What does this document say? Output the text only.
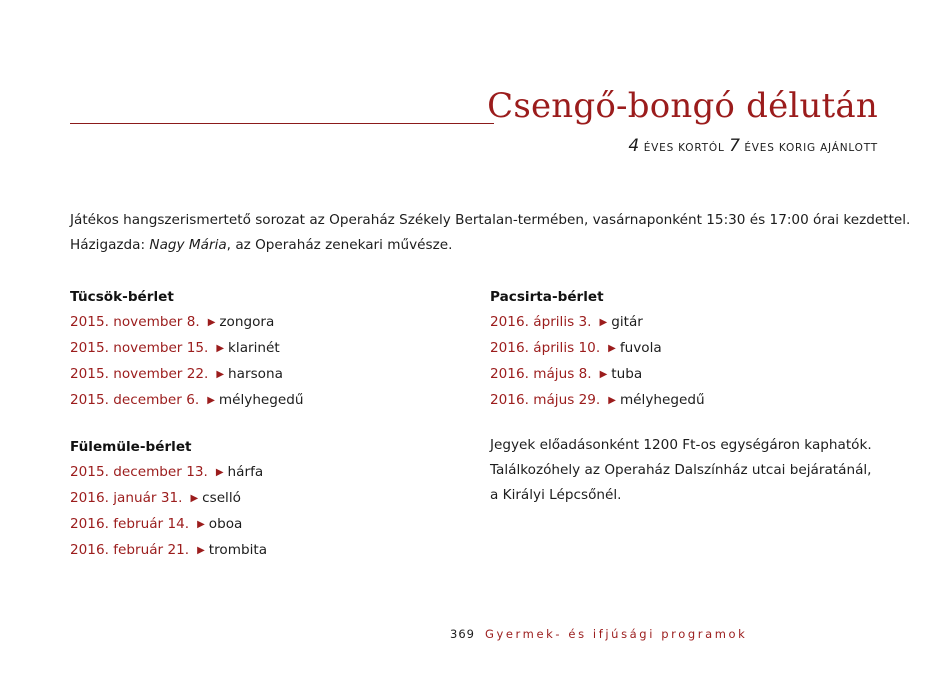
Csengő-bongó délután
4 ÉVES KORTÓL 7 ÉVES KORIG AJÁNLOTT

Játékos hangszerismertető sorozat az Operaház Székely Bertalan-termében, vasárnaponként 15:30 és 17:00 órai kezdettel.

Házigazda: Nagy Mária, az Operaház zenekari művésze.

Tücsök-bérlet
2015. november 8. ▶ zongora
2015. november 15. ▶ klarinét
2015. november 22. ▶ harsona
2015. december 6. ▶ mélyhegedű
Fülemüle-bérlet
2015. december 13. ▶ hárfa
2016. január 31. ▶ cselló
2016. február 14. ▶ oboa
2016. február 21. ▶ trombita
Pacsirta-bérlet
2016. április 3. ▶ gitár
2016. április 10. ▶ fuvola
2016. május 8. ▶ tuba
2016. május 29. ▶ mélyhegedű

Jegyek előadásonként 1200 Ft-os egységáron kaphatók.

Találkozóhely az Operaház Dalszínház utcai bejáratánál,

a Királyi Lépcsőnél.

369 Gyermek- és ifjúsági programok
